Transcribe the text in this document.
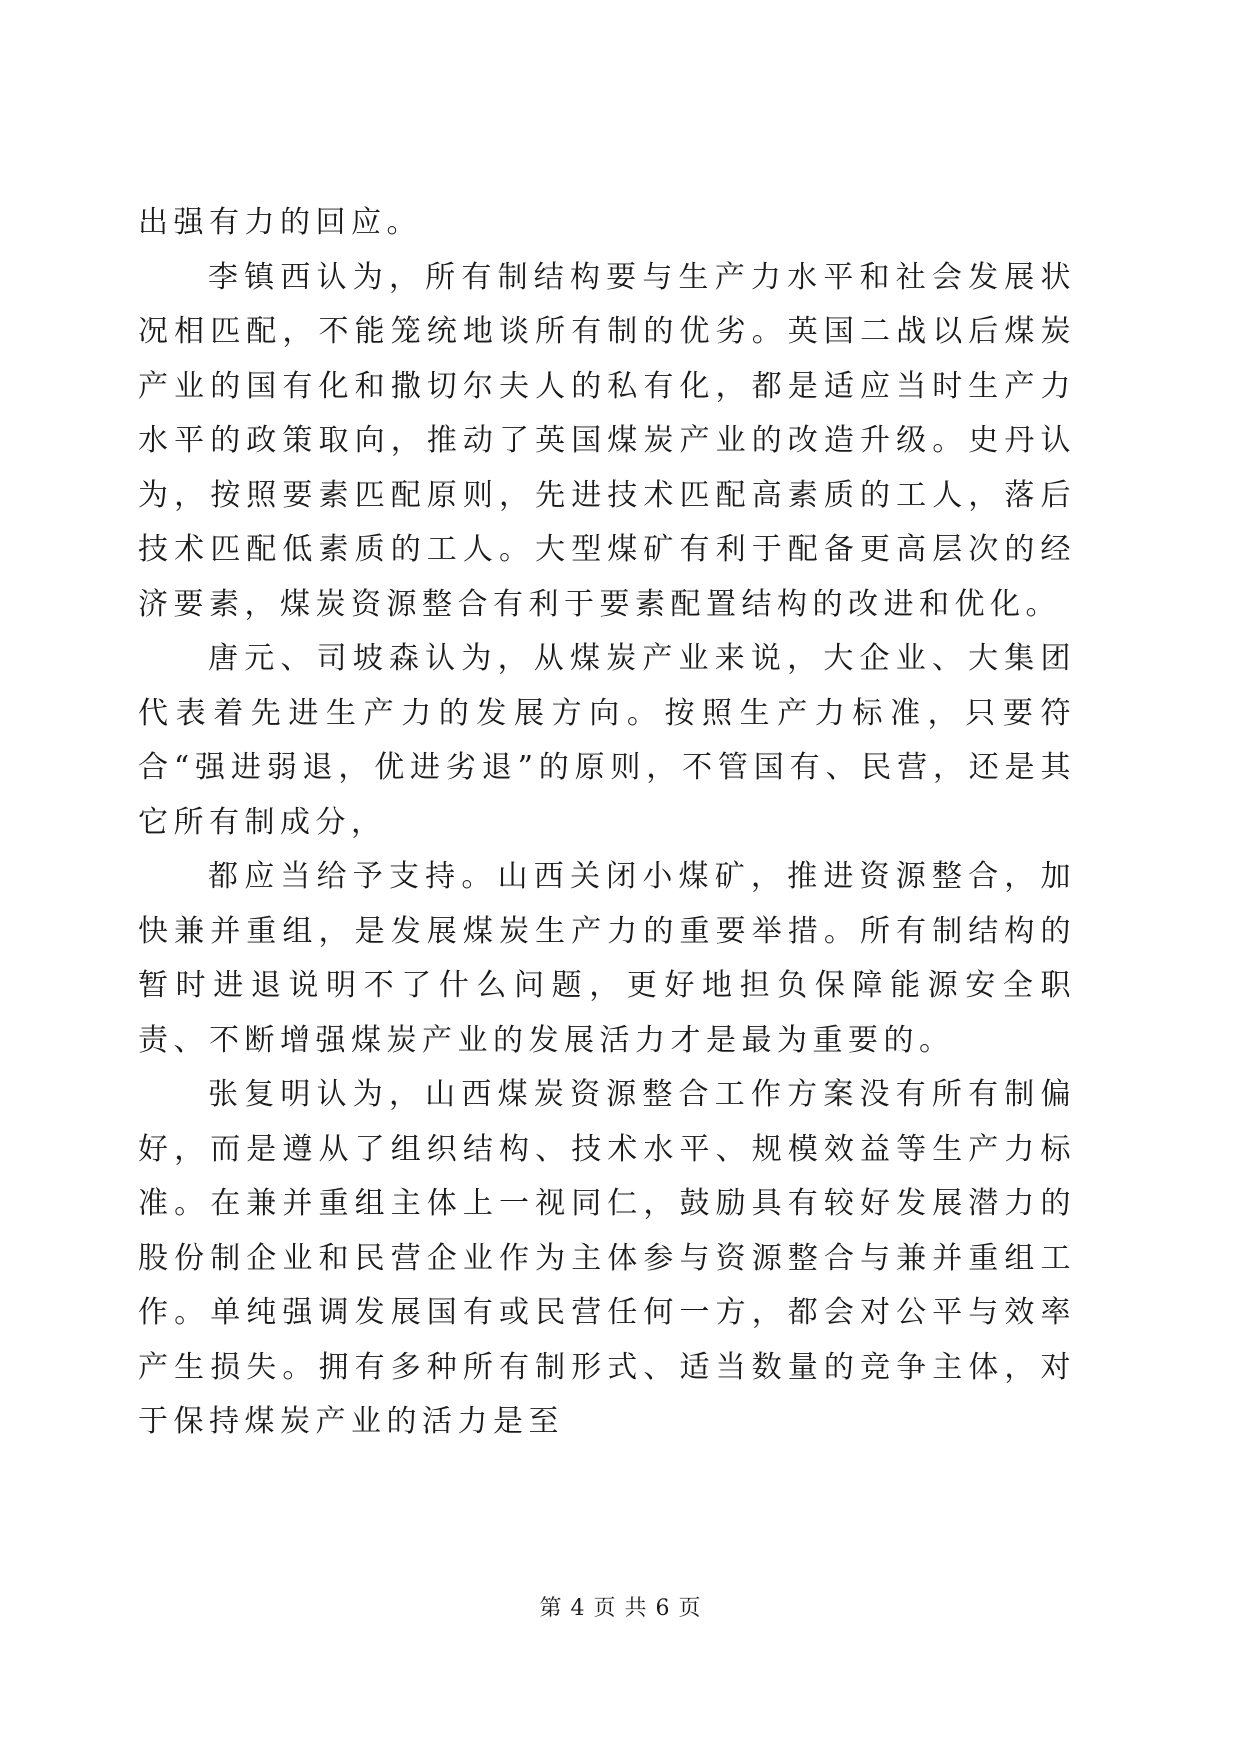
出强有力的回应。

李镇西认为，所有制结构要与生产力水平和社会发展状况相匹配，不能笼统地谈所有制的优劣。英国二战以后煤炭产业的国有化和撒切尔夫人的私有化，都是适应当时生产力水平的政策取向，推动了英国煤炭产业的改造升级。史丹认为，按照要素匹配原则，先进技术匹配高素质的工人，落后技术匹配低素质的工人。大型煤矿有利于配备更高层次的经济要素，煤炭资源整合有利于要素配置结构的改进和优化。

唐元、司坡森认为，从煤炭产业来说，大企业、大集团代表着先进生产力的发展方向。按照生产力标准，只要符合“强进弱退，优进劣退”的原则，不管国有、民营，还是其它所有制成分，

都应当给予支持。山西关闭小煤矿，推进资源整合，加快兼并重组，是发展煤炭生产力的重要举措。所有制结构的暂时进退说明不了什么问题，更好地担负保障能源安全职责、不断增强煤炭产业的发展活力才是最为重要的。

张复明认为，山西煤炭资源整合工作方案没有所有制偏好，而是遵从了组织结构、技术水平、规模效益等生产力标准。在兼并重组主体上一视同仁，鼓励具有较好发展潜力的股份制企业和民营企业作为主体参与资源整合与兼并重组工作。单纯强调发展国有或民营任何一方，都会对公平与效率产生损失。拥有多种所有制形式、适当数量的竞争主体，对于保持煤炭产业的活力是至

第 4 页 共 6 页
